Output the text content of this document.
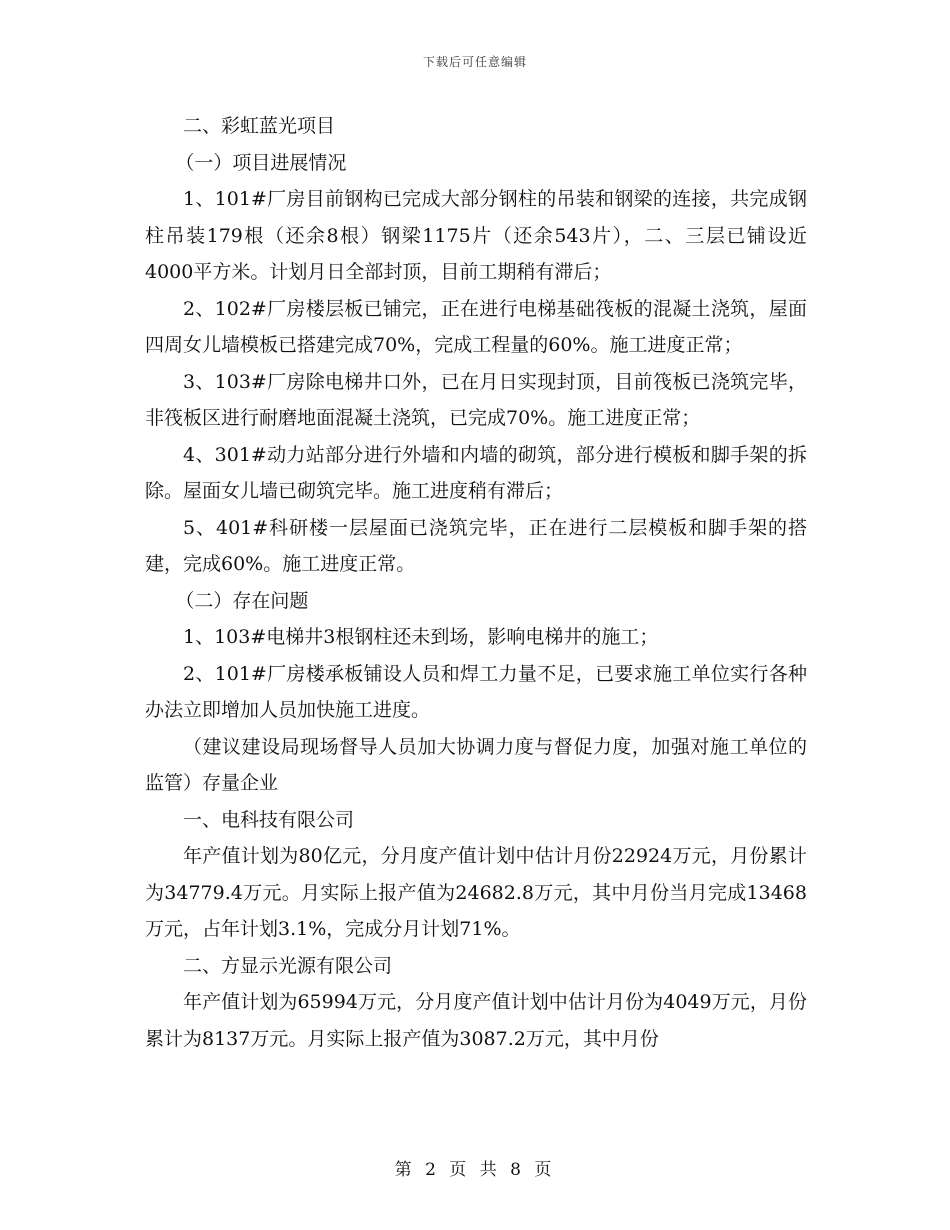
下载后可任意编辑

二、彩虹蓝光项目

（一）项目进展情况

1、101#厂房目前钢构已完成大部分钢柱的吊装和钢梁的连接，共完成钢柱吊装179根（还余8根）钢梁1175片（还余543片），二、三层已铺设近4000平方米。计划月日全部封顶，目前工期稍有滞后；

2、102#厂房楼层板已铺完，正在进行电梯基础筏板的混凝土浇筑，屋面四周女儿墙模板已搭建完成70%，完成工程量的60%。施工进度正常；

3、103#厂房除电梯井口外，已在月日实现封顶，目前筏板已浇筑完毕，非筏板区进行耐磨地面混凝土浇筑，已完成70%。施工进度正常；

4、301#动力站部分进行外墙和内墙的砌筑，部分进行模板和脚手架的拆除。屋面女儿墙已砌筑完毕。施工进度稍有滞后；

5、401#科研楼一层屋面已浇筑完毕，正在进行二层模板和脚手架的搭建，完成60%。施工进度正常。

（二）存在问题

1、103#电梯井3根钢柱还未到场，影响电梯井的施工；

2、101#厂房楼承板铺设人员和焊工力量不足，已要求施工单位实行各种办法立即增加人员加快施工进度。

（建议建设局现场督导人员加大协调力度与督促力度，加强对施工单位的监管）存量企业

一、电科技有限公司

年产值计划为80亿元，分月度产值计划中估计月份22924万元，月份累计为34779.4万元。月实际上报产值为24682.8万元，其中月份当月完成13468万元，占年计划3.1%，完成分月计划71%。

二、方显示光源有限公司

年产值计划为65994万元，分月度产值计划中估计月份为4049万元，月份累计为8137万元。月实际上报产值为3087.2万元，其中月份

第 2 页 共 8 页
